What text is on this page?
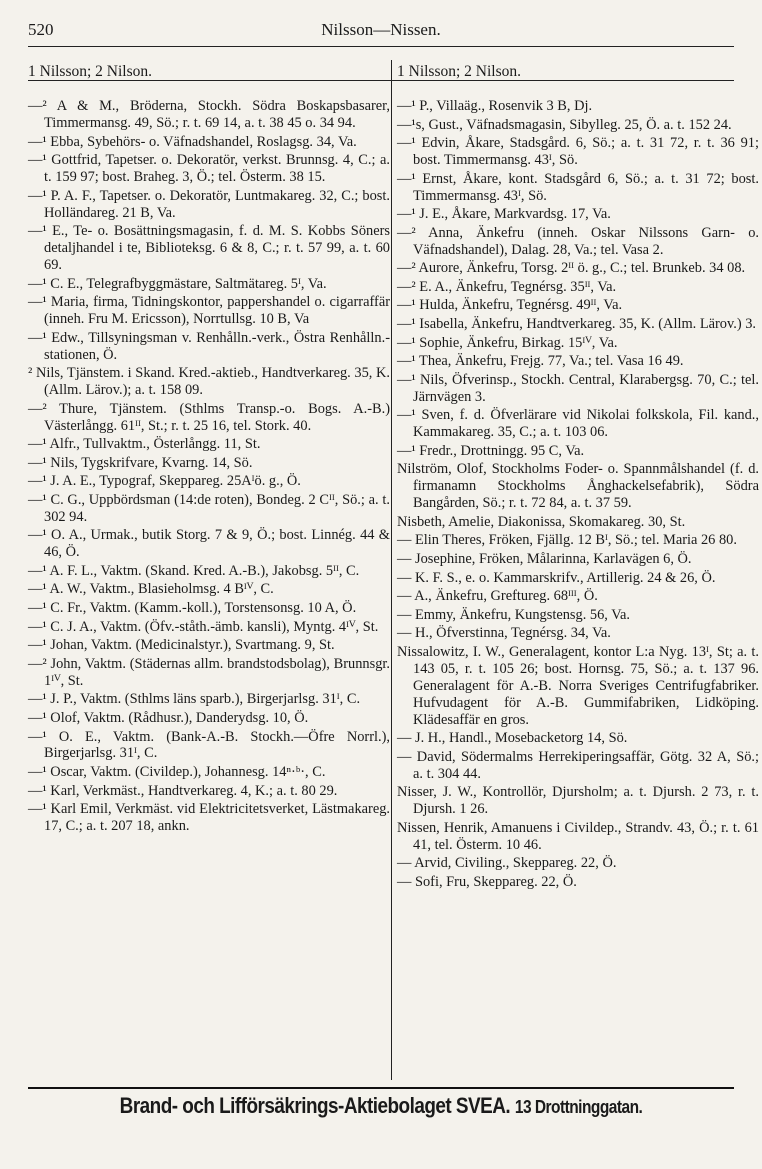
520	Nilsson—Nissen.
1 Nilsson; 2 Nilson.

—² A & M., Bröderna, Stockh. Södra Boskapsbasarer, Timmermansg. 49, Sö.; r. t. 69 14, a. t. 38 45 o. 34 94.

—¹ Ebba, Sybehörs- o. Väfnadshandel, Roslagsg. 34, Va.

—¹ Gottfrid, Tapetser. o. Dekoratör, verkst. Brunnsg. 4, C.; a. t. 159 97; bost. Braheg. 3, Ö.; tel. Österm. 38 15.

—¹ P. A. F., Tapetser. o. Dekoratör, Luntmakareg. 32, C.; bost. Holländareg. 21 B, Va.

—¹ E., Te- o. Bosättningsmagasin, f. d. M. S. Kobbs Söners detaljhandel i te, Biblioteksg. 6 & 8, C.; r. t. 57 99, a. t. 60 69.

—¹ C. E., Telegrafbyggmästare, Saltmätareg. 5ᴵ, Va.

—¹ Maria, firma, Tidningskontor, pappershandel o. cigarraffär (inneh. Fru M. Ericsson), Norrtullsg. 10 B, Va

—¹ Edw., Tillsyningsman v. Renhålln.-verk., Östra Renhålln.-stationen, Ö.

² Nils, Tjänstem. i Skand. Kred.-aktieb., Handtverkareg. 35, K. (Allm. Lärov.); a. t. 158 09.

—² Thure, Tjänstem. (Sthlms Transp.-o. Bogs. A.-B.) Västerlångg. 61ᴵᴵ, St.; r. t. 25 16, tel. Stork. 40.

—¹ Alfr., Tullvaktm., Österlångg. 11, St.

—¹ Nils, Tygskrifvare, Kvarng. 14, Sö.

—¹ J. A. E., Typograf, Skeppareg. 25Aᴵö. g., Ö.

—¹ C. G., Uppbördsman (14:de roten), Bondeg. 2 Cᴵᴵ, Sö.; a. t. 302 94.

—¹ O. A., Urmak., butik Storg. 7 & 9, Ö.; bost. Linnég. 44 & 46, Ö.

—¹ A. F. L., Vaktm. (Skand. Kred. A.-B.), Jakobsg. 5ᴵᴵ, C.

—¹ A. W., Vaktm., Blasieholmsg. 4 Bᴵⱽ, C.

—¹ C. Fr., Vaktm. (Kamm.-koll.), Torstensonsg. 10 A, Ö.

—¹ C. J. A., Vaktm. (Öfv.-ståth.-ämb. kansli), Myntg. 4ᴵⱽ, St.

—¹ Johan, Vaktm. (Medicinalstyr.), Svartmang. 9, St.

—² John, Vaktm. (Städernas allm. brandstodsbolag), Brunnsgr. 1ᴵⱽ, St.

—¹ J. P., Vaktm. (Sthlms läns sparb.), Birgerjarlsg. 31ᴵ, C.

—¹ Olof, Vaktm. (Rådhusr.), Danderydsg. 10, Ö.

—¹ O. E., Vaktm. (Bank-A.-B. Stockh.—Öfre Norrl.), Birgerjarlsg. 31ᴵ, C.

—¹ Oscar, Vaktm. (Civildep.), Johannesg. 14ⁿ·ᵇ·, C.

—¹ Karl, Verkmäst., Handtverkareg. 4, K.; a. t. 80 29.

—¹ Karl Emil, Verkmäst. vid Elektricitetsverket, Lästmakareg. 17, C.; a. t. 207 18, ankn.

1 Nilsson; 2 Nilson.

—¹ P., Villaäg., Rosenvik 3 B, Dj.

—¹s, Gust., Väfnadsmagasin, Sibylleg. 25, Ö. a. t. 152 24.

—¹ Edvin, Åkare, Stadsgård. 6, Sö.; a. t. 31 72, r. t. 36 91; bost. Timmermansg. 43ᴵ, Sö.

—¹ Ernst, Åkare, kont. Stadsgård 6, Sö.; a. t. 31 72; bost. Timmermansg. 43ᴵ, Sö.

—¹ J. E., Åkare, Markvardsg. 17, Va.

—² Anna, Änkefru (inneh. Oskar Nilssons Garn- o. Väfnadshandel), Dalag. 28, Va.; tel. Vasa 2.

—² Aurore, Änkefru, Torsg. 2ᴵᴵ ö. g., C.; tel. Brunkeb. 34 08.

—² E. A., Änkefru, Tegnérsg. 35ᴵᴵ, Va.

—¹ Hulda, Änkefru, Tegnérsg. 49ᴵᴵ, Va.

—¹ Isabella, Änkefru, Handtverkareg. 35, K. (Allm. Lärov.) 3.

—¹ Sophie, Änkefru, Birkag. 15ᴵⱽ, Va.

—¹ Thea, Änkefru, Frejg. 77, Va.; tel. Vasa 16 49.

—¹ Nils, Öfverinsp., Stockh. Central, Klarabergsg. 70, C.; tel. Järnvägen 3.

—¹ Sven, f. d. Öfverlärare vid Nikolai folkskola, Fil. kand., Kammakareg. 35, C.; a. t. 103 06.

—¹ Fredr., Drottningg. 95 C, Va.

Nilström, Olof, Stockholms Foder- o. Spannmålshandel (f. d. firmanamn Stockholms Ånghackelsefabrik), Södra Bangården, Sö.; r. t. 72 84, a. t. 37 59.

Nisbeth, Amelie, Diakonissa, Skomakareg. 30, St.

— Elin Theres, Fröken, Fjällg. 12 Bᴵ, Sö.; tel. Maria 26 80.

— Josephine, Fröken, Målarinna, Karlavägen 6, Ö.

— K. F. S., e. o. Kammarskrifv., Artillerig. 24 & 26, Ö.

— A., Änkefru, Greftureg. 68ᴵᴵᴵ, Ö.

— Emmy, Änkefru, Kungstensg. 56, Va.

— H., Öfverstinna, Tegnérsg. 34, Va.

Nissalowitz, I. W., Generalagent, kontor L:a Nyg. 13ᴵ, St; a. t. 143 05, r. t. 105 26; bost. Hornsg. 75, Sö.; a. t. 137 96. Generalagent för A.-B. Norra Sveriges Centrifugfabriker. Hufvudagent för A.-B. Gummifabriken, Lidköping. Klädesaffär en gros.

— J. H., Handl., Mosebacketorg 14, Sö.

— David, Södermalms Herrekiperingsaffär, Götg. 32 A, Sö.; a. t. 304 44.

Nisser, J. W., Kontrollör, Djursholm; a. t. Djursh. 2 73, r. t. Djursh. 1 26.

Nissen, Henrik, Amanuens i Civildep., Strandv. 43, Ö.; r. t. 61 41, tel. Österm. 10 46.

— Arvid, Civiling., Skeppareg. 22, Ö.

— Sofi, Fru, Skeppareg. 22, Ö.

Brand- och Lifförsäkrings-Aktiebolaget SVEA. 13 Drottninggatan.
